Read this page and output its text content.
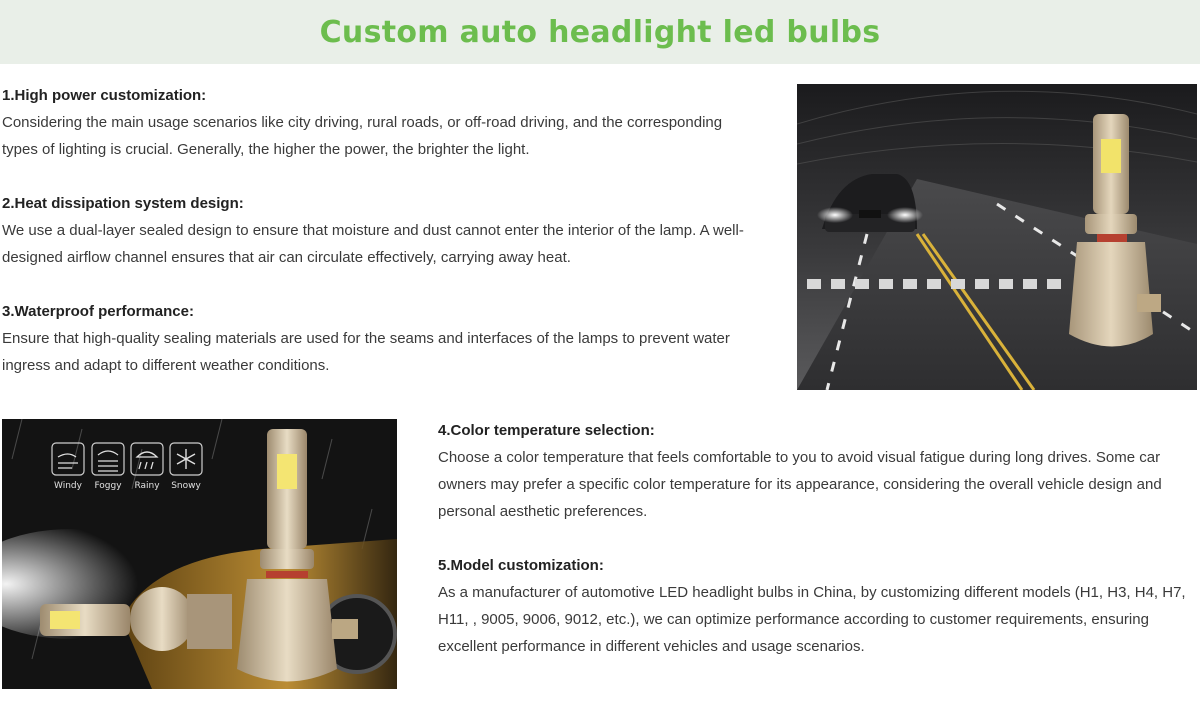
Custom auto headlight led bulbs

1.High power customization:

Considering the main usage scenarios like city driving, rural roads, or off-road driving, and the corresponding

types of lighting is crucial. Generally, the higher the power, the brighter the light.

2.Heat dissipation system design:

We use a dual-layer sealed design to ensure that moisture and dust cannot enter the interior of the lamp. A well-

designed airflow channel ensures that air can circulate effectively, carrying away heat.

3.Waterproof performance:

Ensure that high-quality sealing materials are used for the seams and interfaces of the lamps to prevent water

ingress and adapt to different weather conditions.

Windy Foggy Rainy Snowy

4.Color temperature selection:

Choose a color temperature that feels comfortable to you to avoid visual fatigue during long drives. Some car

owners may prefer a specific color temperature for its appearance, considering the overall vehicle design and

personal aesthetic preferences.

5.Model customization:

As a manufacturer of automotive LED headlight bulbs in China, by customizing different models (H1, H3, H4, H7,

H11, , 9005, 9006, 9012, etc.), we can optimize performance according to customer requirements, ensuring

excellent performance in different vehicles and usage scenarios.
